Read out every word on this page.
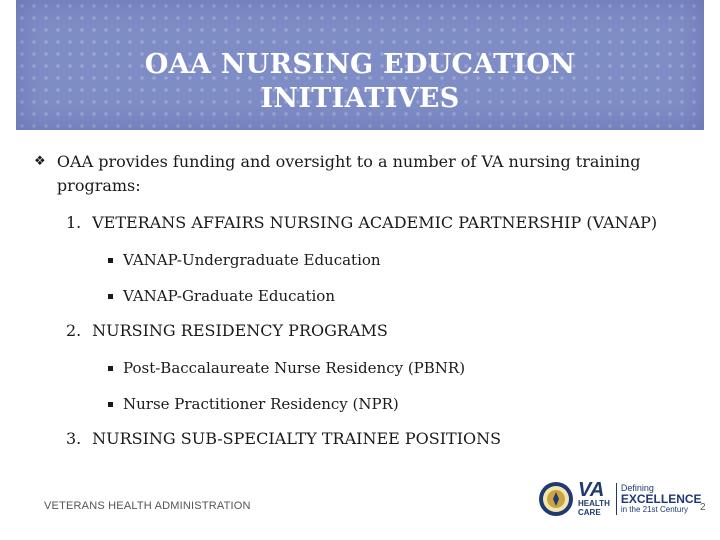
OAA NURSING EDUCATION
INITIATIVES
❖ OAA provides funding and oversight to a number of VA nursing training programs:
1. VETERANS AFFAIRS NURSING ACADEMIC PARTNERSHIP (VANAP)
VANAP-Undergraduate Education
VANAP-Graduate Education
2. NURSING RESIDENCY PROGRAMS
Post-Baccalaureate Nurse Residency (PBNR)
Nurse Practitioner Residency (NPR)
3. NURSING SUB-SPECIALTY TRAINEE POSITIONS
VETERANS HEALTH ADMINISTRATION
VA
HEALTH
CARE
Defining
EXCELLENCE
in the 21st Century	2
